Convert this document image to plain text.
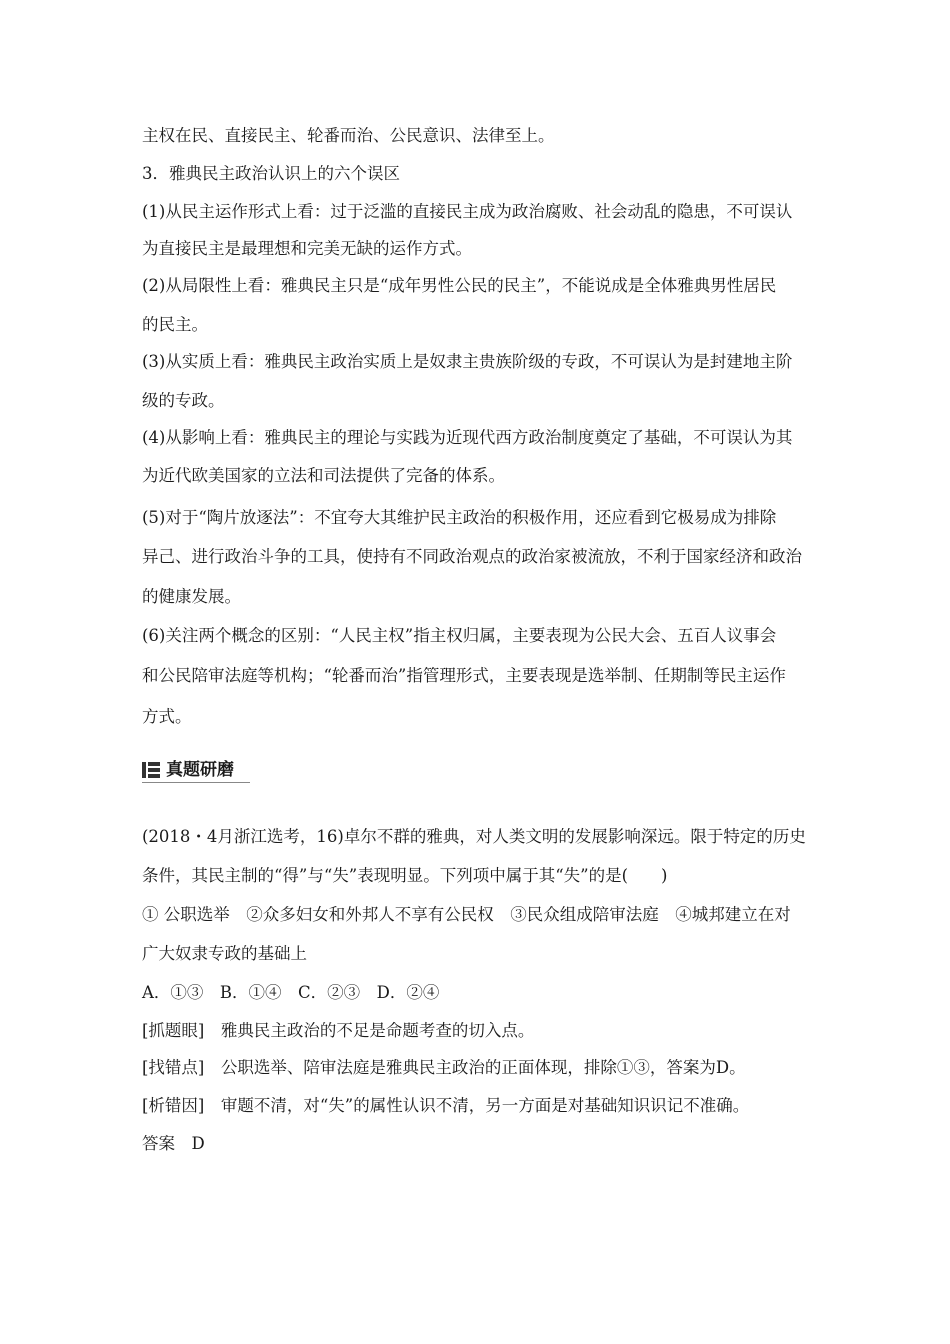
主权在民、直接民主、轮番而治、公民意识、法律至上。
3．雅典民主政治认识上的六个误区
(1)从民主运作形式上看：过于泛滥的直接民主成为政治腐败、社会动乱的隐患，不可误认
为直接民主是最理想和完美无缺的运作方式。
(2)从局限性上看：雅典民主只是“成年男性公民的民主”，不能说成是全体雅典男性居民
的民主。
(3)从实质上看：雅典民主政治实质上是奴隶主贵族阶级的专政，不可误认为是封建地主阶
级的专政。
(4)从影响上看：雅典民主的理论与实践为近现代西方政治制度奠定了基础，不可误认为其
为近代欧美国家的立法和司法提供了完备的体系。
(5)对于“陶片放逐法”：不宜夸大其维护民主政治的积极作用，还应看到它极易成为排除
异己、进行政治斗争的工具，使持有不同政治观点的政治家被流放，不利于国家经济和政治
的健康发展。
(6)关注两个概念的区别：“人民主权”指主权归属，主要表现为公民大会、五百人议事会
和公民陪审法庭等机构；“轮番而治”指管理形式，主要表现是选举制、任期制等民主运作
方式。
真题研磨
(2018・4月浙江选考，16)卓尔不群的雅典，对人类文明的发展影响深远。限于特定的历史
条件，其民主制的“得”与“失”表现明显。下列项中属于其“失”的是(　　)
① 公职选举　②众多妇女和外邦人不享有公民权　③民众组成陪审法庭　④城邦建立在对
广大奴隶专政的基础上
A．①③　B．①④　C．②③　D．②④
[抓题眼]　雅典民主政治的不足是命题考查的切入点。
[找错点]　公职选举、陪审法庭是雅典民主政治的正面体现，排除①③，答案为D。
[析错因]　审题不清，对“失”的属性认识不清，另一方面是对基础知识识记不准确。
答案　D
